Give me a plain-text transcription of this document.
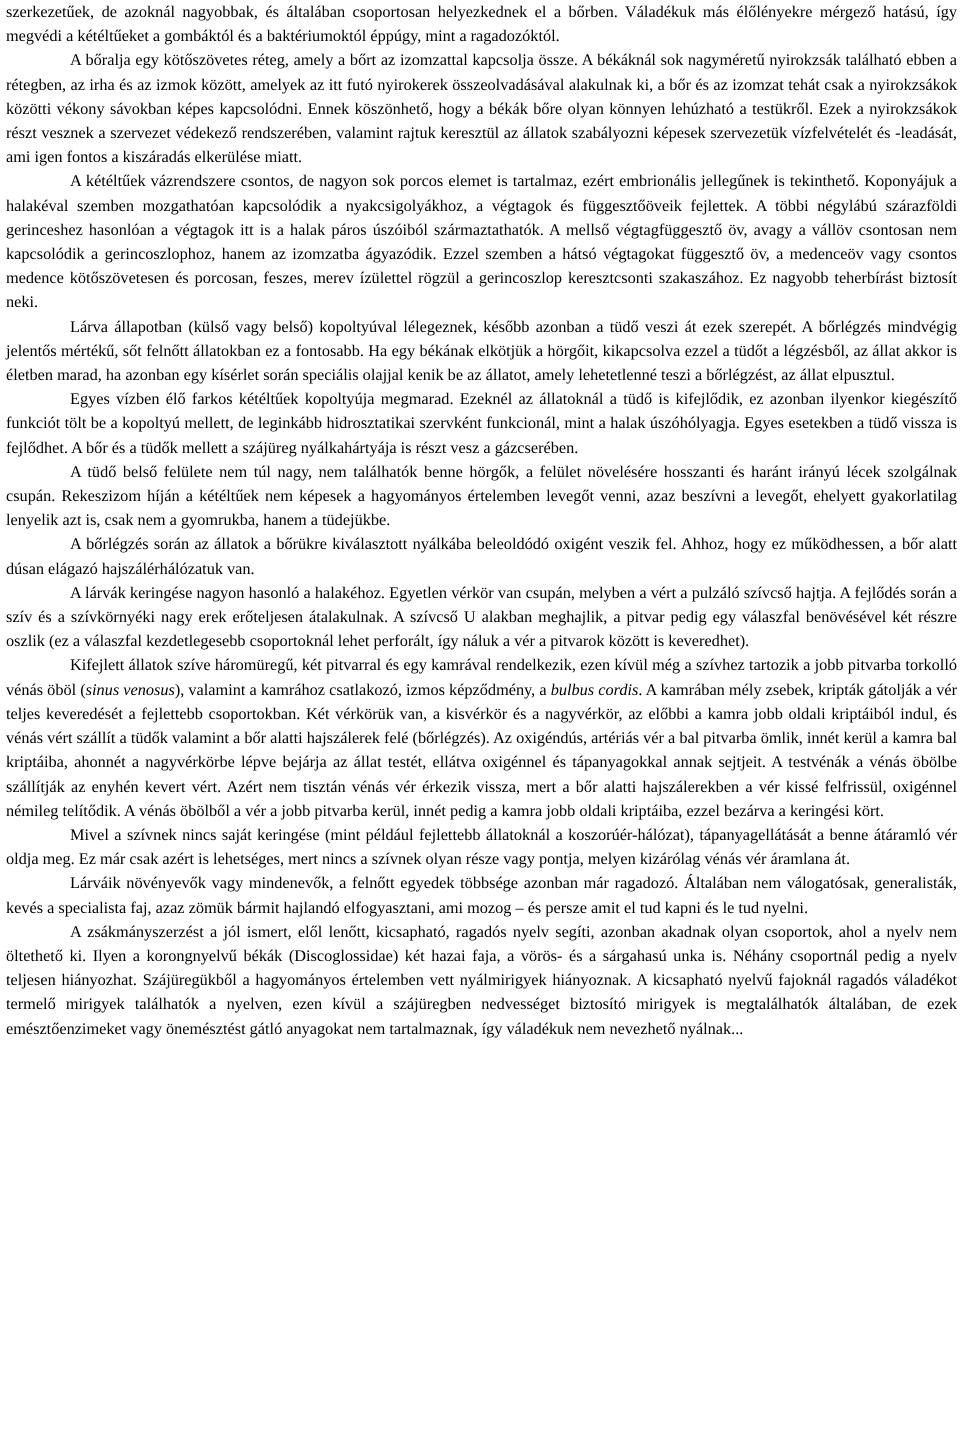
szerkezetűek, de azoknál nagyobbak, és általában csoportosan helyezkednek el a bőrben. Váladékuk más élőlényekre mérgező hatású, így megvédi a kétéltűeket a gombáktól és a baktériumoktól éppúgy, mint a ragadozóktól.

A bőralja egy kötőszövetes réteg, amely a bőrt az izomzattal kapcsolja össze. A békáknál sok nagyméretű nyirokzsák található ebben a rétegben, az irha és az izmok között, amelyek az itt futó nyirokerek összeolvadásával alakulnak ki, a bőr és az izomzat tehát csak a nyirokzsákok közötti vékony sávokban képes kapcsolódni. Ennek köszönhető, hogy a békák bőre olyan könnyen lehúzható a testükről. Ezek a nyirokzsákok részt vesznek a szervezet védekező rendszerében, valamint rajtuk keresztül az állatok szabályozni képesek szervezetük vízfelvételét és -leadását, ami igen fontos a kiszáradás elkerülése miatt.

A kétéltűek vázrendszere csontos, de nagyon sok porcos elemet is tartalmaz, ezért embrionális jellegűnek is tekinthető. Koponyájuk a halakéval szemben mozgathatóan kapcsolódik a nyakcsigolyákhoz, a végtagok és függesztőöveik fejlettek. A többi négylábú szárazföldi gerinceshez hasonlóan a végtagok itt is a halak páros úszóiból származtathatók. A mellső végtagfüggesztő öv, avagy a vállöv csontosan nem kapcsolódik a gerincoszlophoz, hanem az izomzatba ágyazódik. Ezzel szemben a hátsó végtagokat függesztő öv, a medenceöv vagy csontos medence kötőszövetesen és porcosan, feszes, merev ízülettel rögzül a gerincoszlop keresztcsonti szakaszához. Ez nagyobb teherbírást biztosít neki.

Lárva állapotban (külső vagy belső) kopoltyúval lélegeznek, később azonban a tüdő veszi át ezek szerepét. A bőrlégzés mindvégig jelentős mértékű, sőt felnőtt állatokban ez a fontosabb. Ha egy békának elkötjük a hörgőit, kikapcsolva ezzel a tüdőt a légzésből, az állat akkor is életben marad, ha azonban egy kísérlet során speciális olajjal kenik be az állatot, amely lehetetlenné teszi a bőrlégzést, az állat elpusztul.

Egyes vízben élő farkos kétéltűek kopoltyúja megmarad. Ezeknél az állatoknál a tüdő is kifejlődik, ez azonban ilyenkor kiegészítő funkciót tölt be a kopoltyú mellett, de leginkább hidrosztatikai szervként funkcionál, mint a halak úszóhólyagja. Egyes esetekben a tüdő vissza is fejlődhet. A bőr és a tüdők mellett a szájüreg nyálkahártyája is részt vesz a gázcserében.

A tüdő belső felülete nem túl nagy, nem találhatók benne hörgők, a felület növelésére hosszanti és haránt irányú lécek szolgálnak csupán. Rekeszizom híján a kétéltűek nem képesek a hagyományos értelemben levegőt venni, azaz beszívni a levegőt, ehelyett gyakorlatilag lenyelik azt is, csak nem a gyomrukba, hanem a tüdejükbe.

A bőrlégzés során az állatok a bőrükre kiválasztott nyálkába beleoldódó oxigént veszik fel. Ahhoz, hogy ez működhessen, a bőr alatt dúsan elágazó hajszálérhálózatuk van.

A lárvák keringése nagyon hasonló a halakéhoz. Egyetlen vérkör van csupán, melyben a vért a pulzáló szívcső hajtja. A fejlődés során a szív és a szívkörnyéki nagy erek erőteljesen átalakulnak. A szívcső U alakban meghajlik, a pitvar pedig egy válaszfal benövésével két részre oszlik (ez a válaszfal kezdetlegesebb csoportoknál lehet perforált, így náluk a vér a pitvarok között is keveredhet).

Kifejlett állatok szíve háromüregű, két pitvarral és egy kamrával rendelkezik, ezen kívül még a szívhez tartozik a jobb pitvarba torkolló vénás öböl (sinus venosus), valamint a kamrához csatlakozó, izmos képződmény, a bulbus cordis. A kamrában mély zsebek, kripták gátolják a vér teljes keveredését a fejlettebb csoportokban. Két vérkörük van, a kisvérkör és a nagyvérkör, az előbbi a kamra jobb oldali kriptáiból indul, és vénás vért szállít a tüdők valamint a bőr alatti hajszálerek felé (bőrlégzés). Az oxigéndús, artériás vér a bal pitvarba ömlik, innét kerül a kamra bal kriptáiba, ahonnét a nagyvérkörbe lépve bejárja az állat testét, ellátva oxigénnel és tápanyagokkal annak sejtjeit. A testvénák a vénás öbölbe szállítják az enyhén kevert vért. Azért nem tisztán vénás vér érkezik vissza, mert a bőr alatti hajszálerekben a vér kissé felfrissül, oxigénnel némileg telítődik. A vénás öbölből a vér a jobb pitvarba kerül, innét pedig a kamra jobb oldali kriptáiba, ezzel bezárva a keringési kört.

Mivel a szívnek nincs saját keringése (mint például fejlettebb állatoknál a koszorúér-hálózat), tápanyagellátását a benne átáramló vér oldja meg. Ez már csak azért is lehetséges, mert nincs a szívnek olyan része vagy pontja, melyen kizárólag vénás vér áramlana át.

Lárváik növényevők vagy mindenevők, a felnőtt egyedek többsége azonban már ragadozó. Általában nem válogatósak, generalisták, kevés a specialista faj, azaz zömük bármit hajlandó elfogyasztani, ami mozog – és persze amit el tud kapni és le tud nyelni.

A zsákmányszerzést a jól ismert, elől lenőtt, kicsapható, ragadós nyelv segíti, azonban akadnak olyan csoportok, ahol a nyelv nem öltethető ki. Ilyen a korongnyelvű békák (Discoglossidae) két hazai faja, a vörös- és a sárgahasú unka is. Néhány csoportnál pedig a nyelv teljesen hiányozhat. Szájüregükből a hagyományos értelemben vett nyálmirigyek hiányoznak. A kicsapható nyelvű fajoknál ragadós váladékot termelő mirigyek találhatók a nyelven, ezen kívül a szájüregben nedvességet biztosító mirigyek is megtalálhatók általában, de ezek emésztőenzimeket vagy önemésztést gátló anyagokat nem tartalmaznak, így váladékuk nem nevezhető nyálnak...
